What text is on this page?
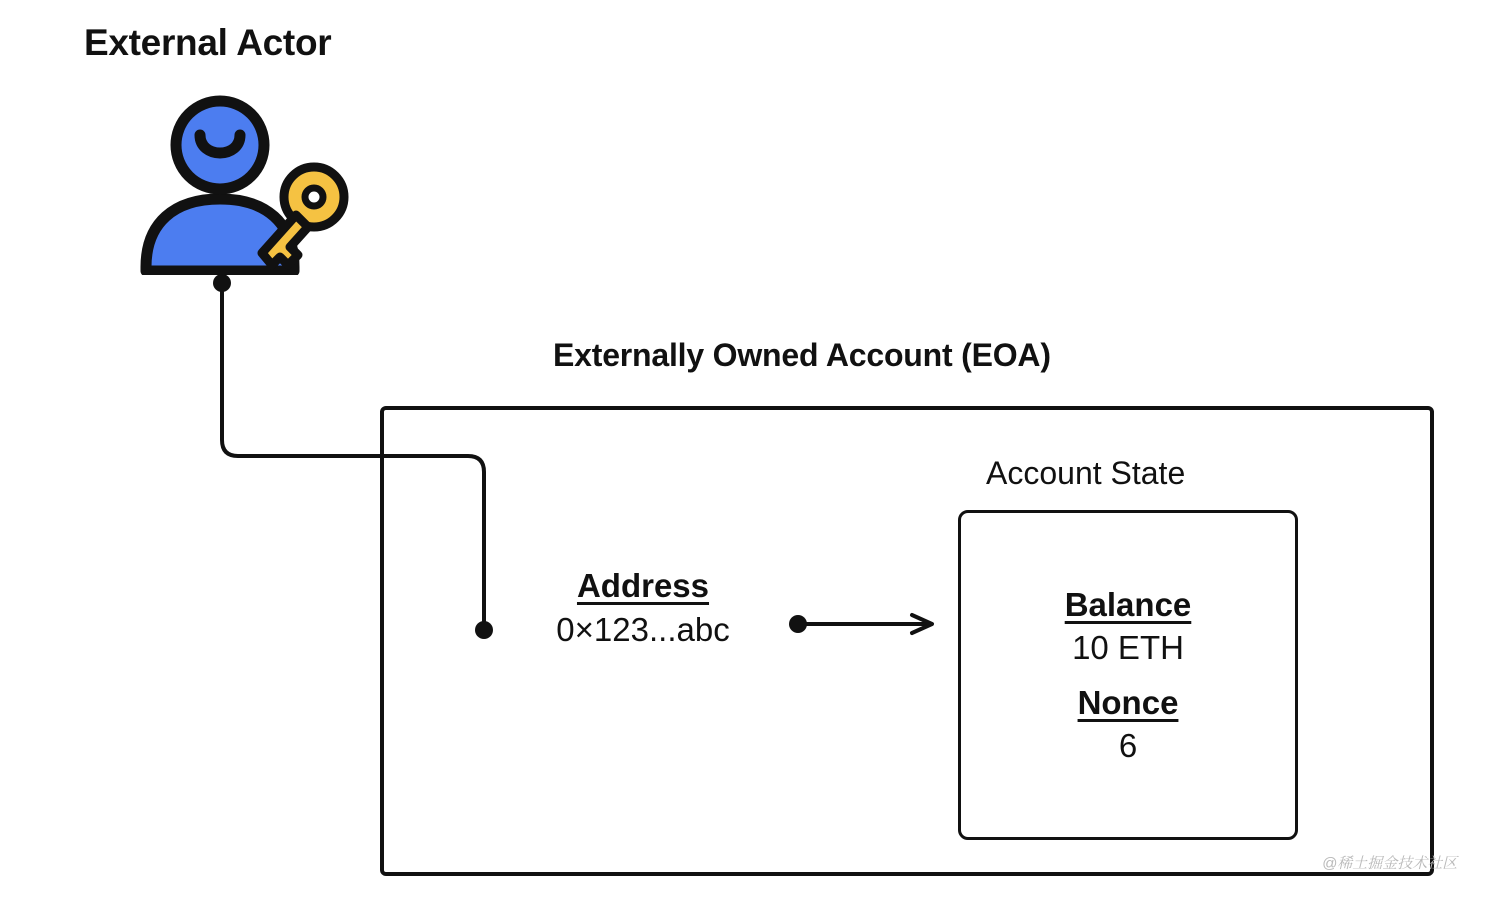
External Actor
Externally Owned Account (EOA)
Address
0×123...abc
Account State
Balance
10 ETH
Nonce
6
@稀土掘金技术社区
